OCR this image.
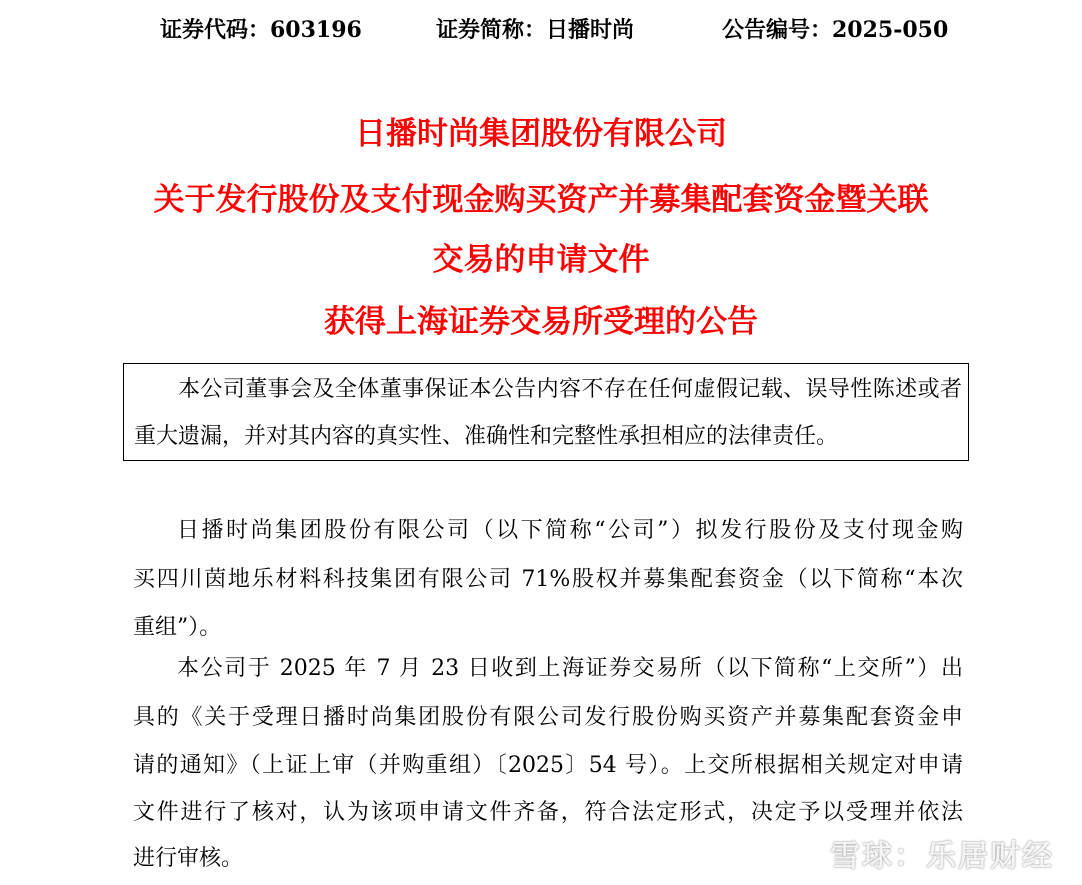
证券代码：603196	证券简称：日播时尚	公告编号：2025-050
日播时尚集团股份有限公司
关于发行股份及支付现金购买资产并募集配套资金暨关联
交易的申请文件
获得上海证券交易所受理的公告
本公司董事会及全体董事保证本公告内容不存在任何虚假记载、误导性陈述或者重大遗漏，并对其内容的真实性、准确性和完整性承担相应的法律责任。
日播时尚集团股份有限公司（以下简称“公司”）拟发行股份及支付现金购
买四川茵地乐材料科技集团有限公司 71%股权并募集配套资金（以下简称“本次
重组”）。
本公司于 2025 年 7 月 23 日收到上海证券交易所（以下简称“上交所”）出
具的《关于受理日播时尚集团股份有限公司发行股份购买资产并募集配套资金申
请的通知》（上证上审（并购重组）〔2025〕54 号）。上交所根据相关规定对申请
文件进行了核对，认为该项申请文件齐备，符合法定形式，决定予以受理并依法
进行审核。	雪球：乐居财经
